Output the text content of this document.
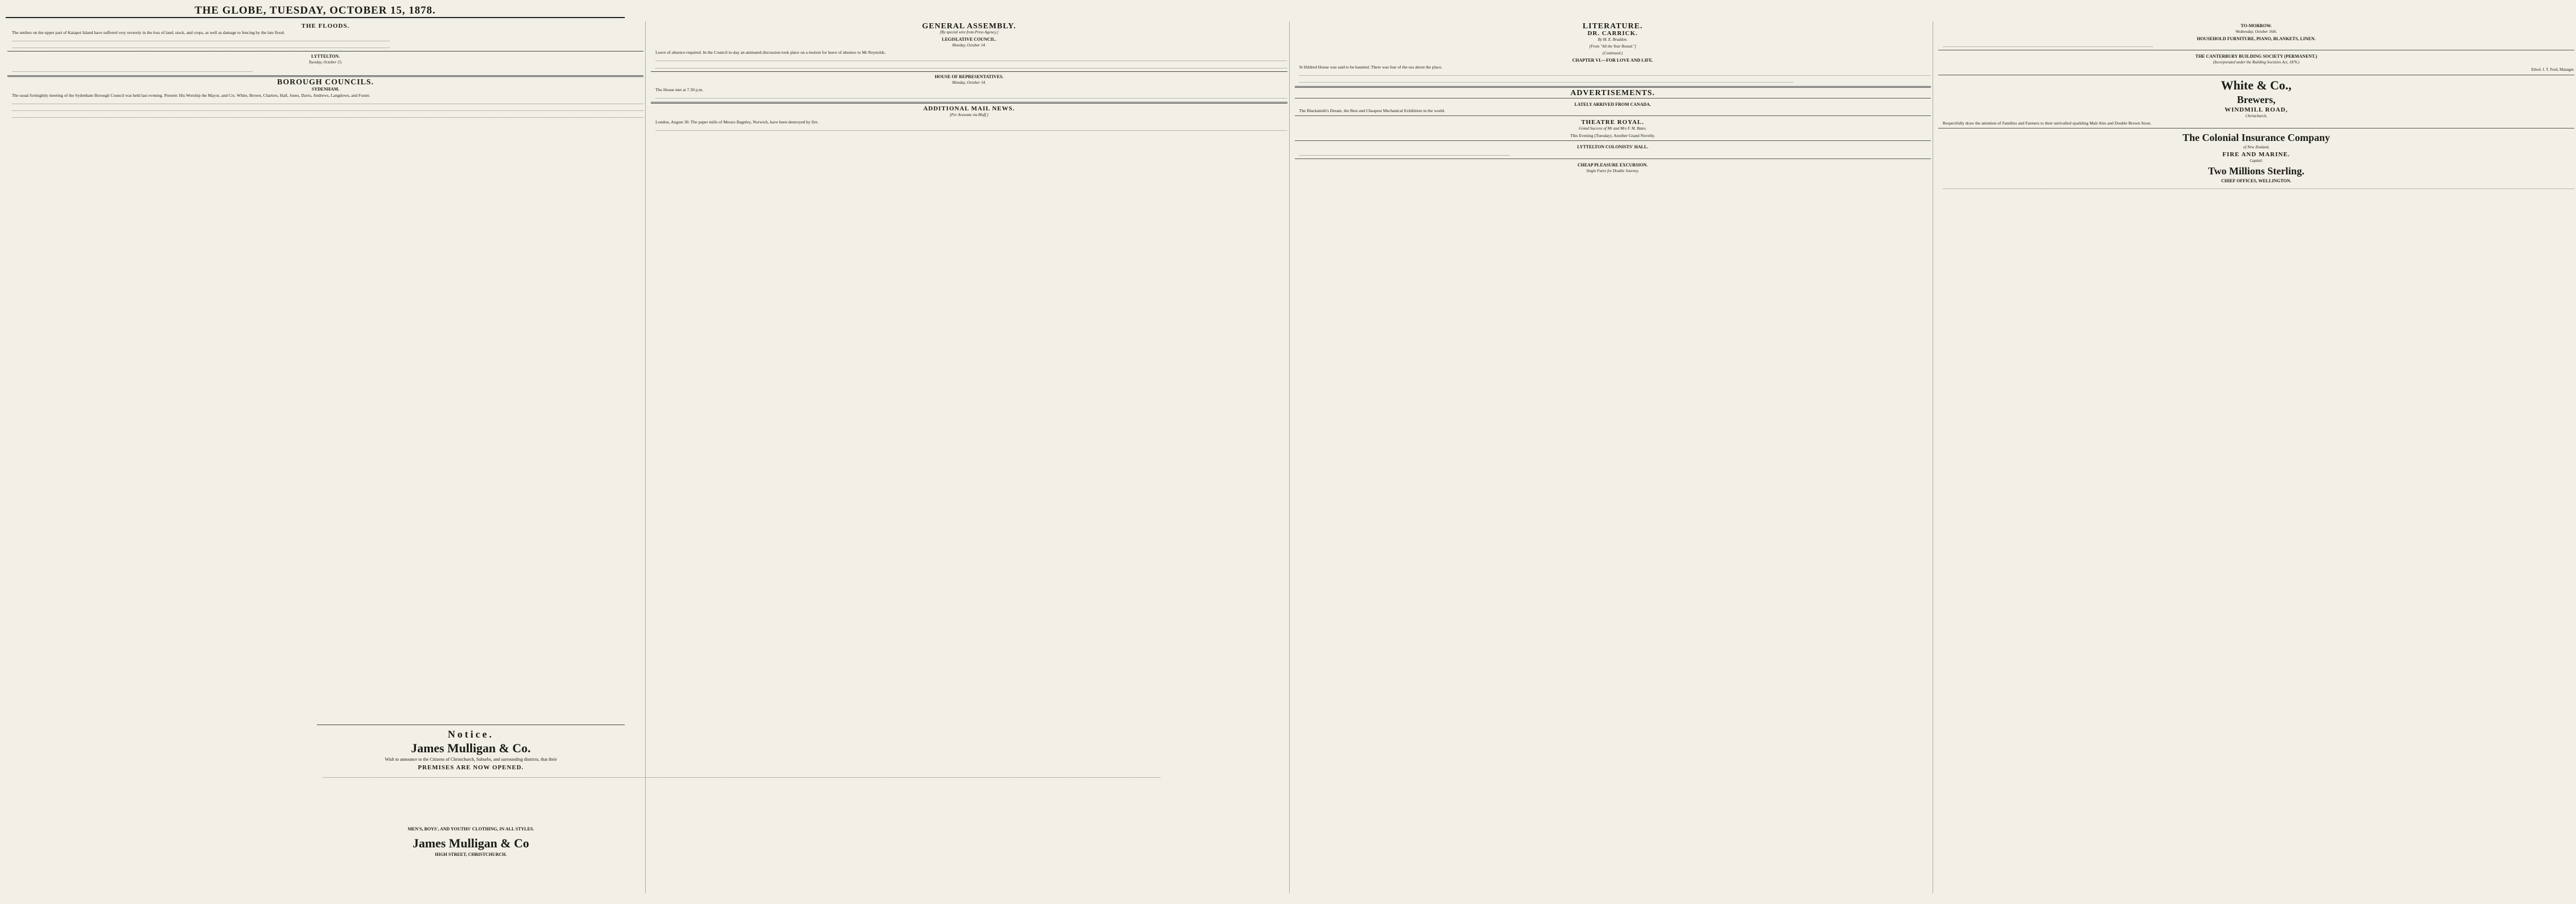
THE GLOBE, TUESDAY, OCTOBER 15, 1878.
THE FLOODS.

The settlers on the upper part of Kaiapoi Island have suffered very severely in the loss of land, stock, and crops, as well as damage to fencing by the late flood.

________________________________________________________________________________________________________________________________________________________________________________

________________________________________________________________________________________________________________________________________________________________________________

LYTTELTON.
Tuesday, October 15.

________________________________________________________________________________________________________________

BOROUGH COUNCILS.
SYDENHAM.

The usual fortnightly meeting of the Sydenham Borough Council was held last evening. Present: His Worship the Mayor, and Crs. White, Brown, Chartres, Hall, Jones, Davis, Andrews, Langdown, and Foster.

______________________________________________________________________________________________________________________________________________________________________________________________________________________________________________________________________________________________________

______________________________________________________________________________________________________________________________________________________________________________________________________________________________________________________________________________________________________

______________________________________________________________________________________________________________________________________________________________________________________________________________________________________________________________________________________________________

GENERAL ASSEMBLY.
[By special wire from Press Agency.]
LEGISLATIVE COUNCIL.
Monday, October 14.

Leave of absence required. In the Council to-day an animated discussion took place on a motion for leave of absence to Mr Reynolds.

______________________________________________________________________________________________________________________________________________________________________________________________________________________________________________________________________________________________________

______________________________________________________________________________________________________________________________________________________________________________________________________________________________________________________________________________________________________

HOUSE OF REPRESENTATIVES.
Monday, October 14.

The House met at 7.30 p.m.

______________________________________________________________________________________________________________________________________________________________________________________________________________________________________________________________________________________________________

ADDITIONAL MAIL NEWS.
[Per Arawata via Bluff.]

London, August 30. The paper mills of Messrs Bagnley, Norwich, have been destroyed by fire.

______________________________________________________________________________________________________________________________________________________________________________________________________________________________________________________________________________________________________

LITERATURE.
DR. CARRICK.
By M. E. Braddon.
[From "All the Year Round."]
(Continued.)
CHAPTER VI.—FOR LOVE AND LIFE.

St Hildred House was said to be haunted. There was fear of the sea about the place.

______________________________________________________________________________________________________________________________________________________________________________________________________________________________________________________________________________________________________

______________________________________________________________________________________________________________________________________________________________________________________________________________________________________

ADVERTISEMENTS.
LATELY ARRIVED FROM CANADA.

The Blacksmith's Dream, the Best and Cheapest Mechanical Exhibition in the world.

THEATRE ROYAL.
Grand Success of Mr and Mrs F. M. Bates.

This Evening (Tuesday). Another Grand Novelty.

LYTTELTON COLONISTS' HALL.

__________________________________________________________________________________________________

CHEAP PLEASURE EXCURSION.
Single Fares for Double Journey.
TO-MORROW.
Wednesday, October 16th.
HOUSEHOLD FURNITURE, PIANO, BLANKETS, LINEN.

__________________________________________________________________________________________________

THE CANTERBURY BUILDING SOCIETY (PERMANENT.)
(Incorporated under the Building Societies Act, 1876.)
Edwd. J. T. Ford, Manager.
White & Co.,
Brewers,
WINDMILL ROAD,
Christchurch,

Respectfully draw the attention of Families and Farmers to their unrivalled sparkling Malt Ales and Double Brown Stout.

The Colonial Insurance Company
of New Zealand,
FIRE AND MARINE.
Capital:
Two Millions Sterling.
CHIEF OFFICES, WELLINGTON.

______________________________________________________________________________________________________________________________________________________________________________________________________________________________________________________________________________________________________

Notice.
James Mulligan & Co.

Wish to announce to the Citizens of Christchurch, Suburbs, and surrounding districts, that their

PREMISES ARE NOW OPENED.

______________________________________________________________________________________________________________________________________________________________________________________________________________________________________________________________________________________________________________________________________________________________________________________________________

MEN'S, BOYS', AND YOUTHS' CLOTHING, IN ALL STYLES.
James Mulligan & Co
HIGH STREET, CHRISTCHURCH.
